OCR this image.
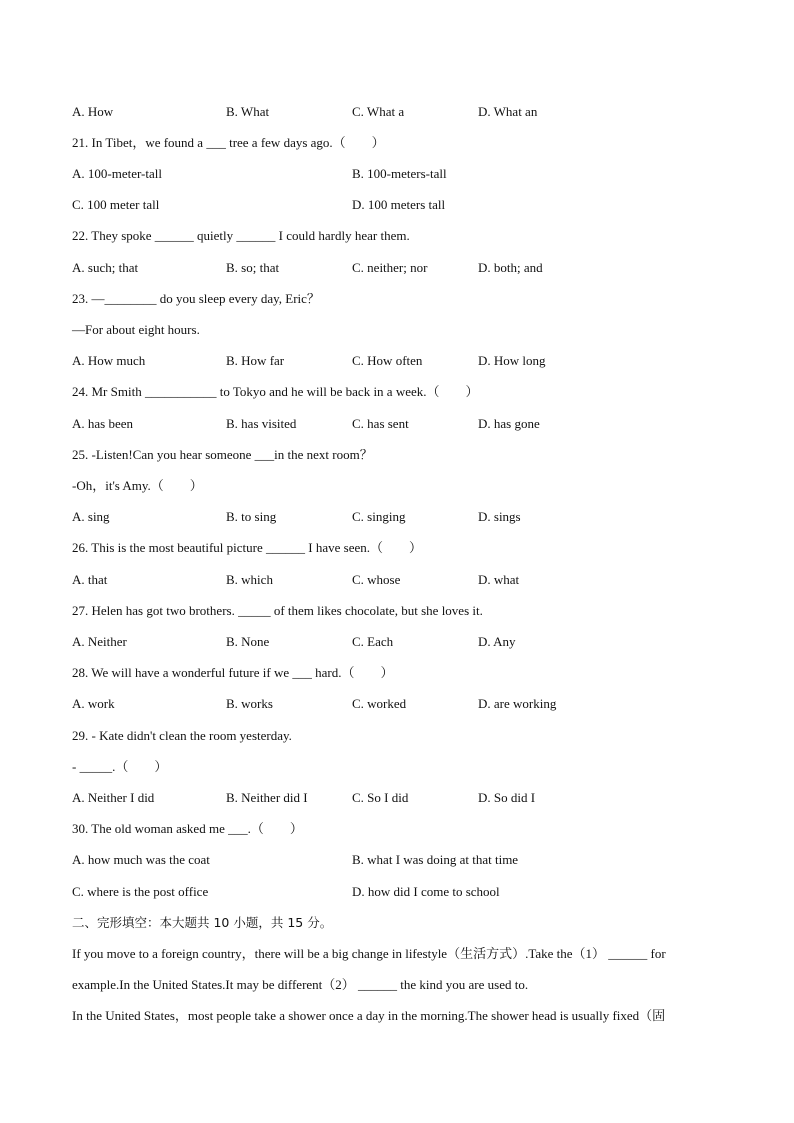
A. How	B. What	C. What a	D. What an
21. In Tibet，we found a ___ tree a few days ago.（　　）
A. 100-meter-tall	B. 100-meters-tall
C. 100 meter tall	D. 100 meters tall
22. They spoke ______ quietly ______ I could hardly hear them.
A. such; that	B. so; that	C. neither; nor	D. both; and
23. —________ do you sleep every day, Eric？
—For about eight hours.
A. How much	B. How far	C. How often	D. How long
24. Mr Smith ___________ to Tokyo and he will be back in a week.（　　）
A. has been	B. has visited	C. has sent	D. has gone
25. -Listen!Can you hear someone ___in the next room？
-Oh，it's Amy.（　　）
A. sing	B. to sing	C. singing	D. sings
26. This is the most beautiful picture ______ I have seen.（　　）
A. that	B. which	C. whose	D. what
27. Helen has got two brothers. _____ of them likes chocolate, but she loves it.
A. Neither	B. None	C. Each	D. Any
28. We will have a wonderful future if we ___ hard.（　　）
A. work	B. works	C. worked	D. are working
29. - Kate didn't clean the room yesterday.
- _____.（　　）
A. Neither I did	B. Neither did I	C. So I did	D. So did I
30. The old woman asked me ___.（　　）
A. how much was the coat	B. what I was doing at that time
C. where is the post office	D. how did I come to school
二、完形填空：本大题共 10 小题，共 15 分。
If you move to a foreign country，there will be a big change in lifestyle（生活方式）.Take the（1） ______ for
example.In the United States.It may be different（2） ______ the kind you are used to.
In the United States，most people take a shower once a day in the morning.The shower head is usually fixed（固
